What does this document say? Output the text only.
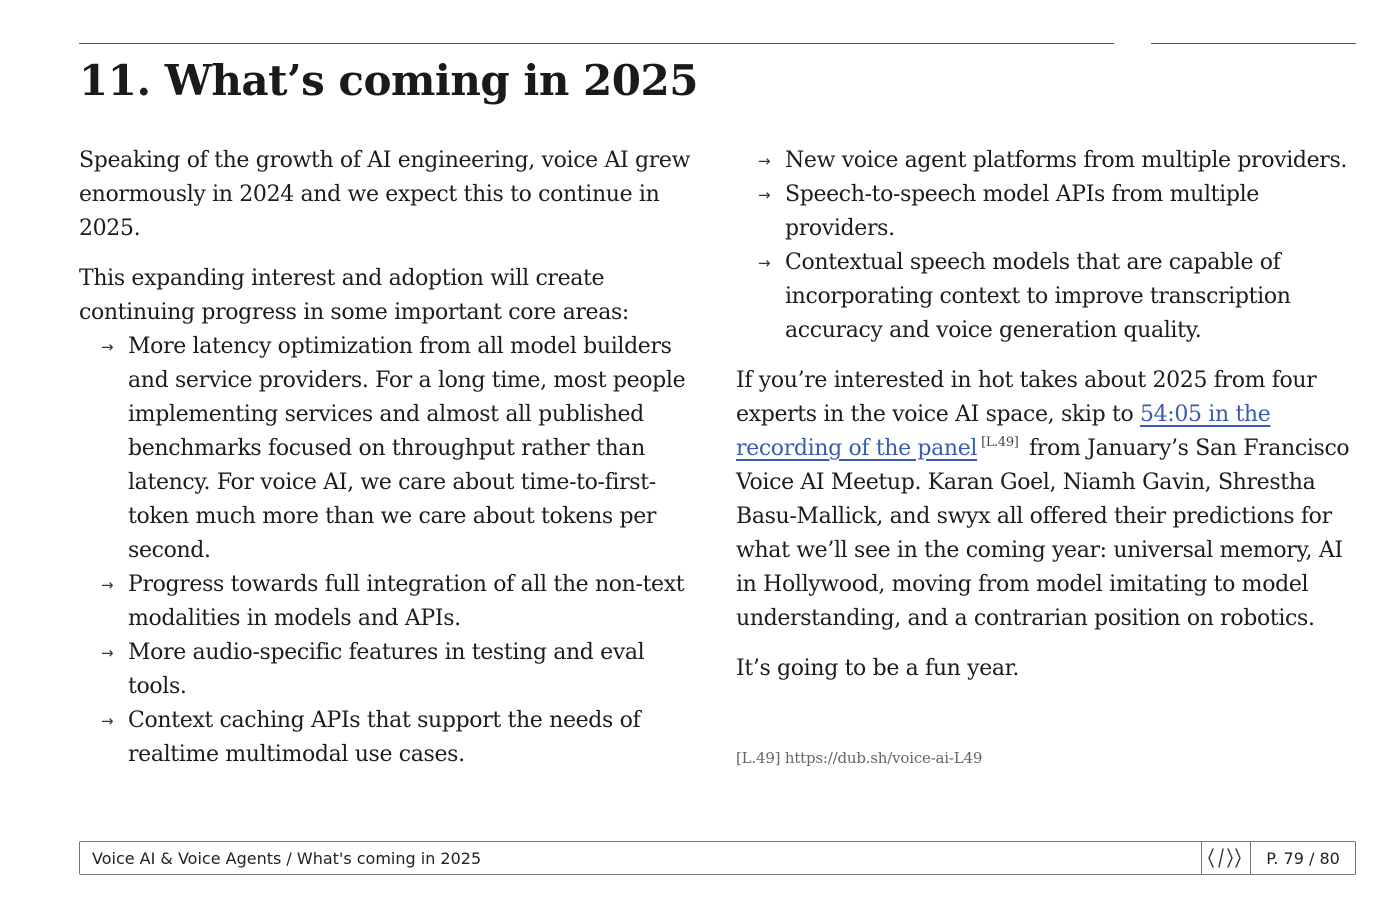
11. What’s coming in 2025

Speaking of the growth of AI engineering, voice AI grew enormously in 2024 and we expect this to continue in 2025.

This expanding interest and adoption will create continuing progress in some important core areas:

→ More latency optimization from all model builders and service providers. For a long time, most people implementing services and almost all published benchmarks focused on throughput rather than latency. For voice AI, we care about time-to-first-token much more than we care about tokens per second.
→ Progress towards full integration of all the non-text modalities in models and APIs.
→ More audio-specific features in testing and eval tools.
→ Context caching APIs that support the needs of realtime multimodal use cases.
→ New voice agent platforms from multiple providers.
→ Speech-to-speech model APIs from multiple providers.
→ Contextual speech models that are capable of incorporating context to improve transcription accuracy and voice generation quality.

If you’re interested in hot takes about 2025 from four experts in the voice AI space, skip to 54:05 in the recording of the panel [L.49] from January’s San Francisco Voice AI Meetup. Karan Goel, Niamh Gavin, Shrestha Basu-Mallick, and swyx all offered their predictions for what we’ll see in the coming year: universal memory, AI in Hollywood, moving from model imitating to model understanding, and a contrarian position on robotics.

It’s going to be a fun year.

[L.49] https://dub.sh/voice-ai-L49
Voice AI & Voice Agents / What's coming in 2025	P. 79 / 80
